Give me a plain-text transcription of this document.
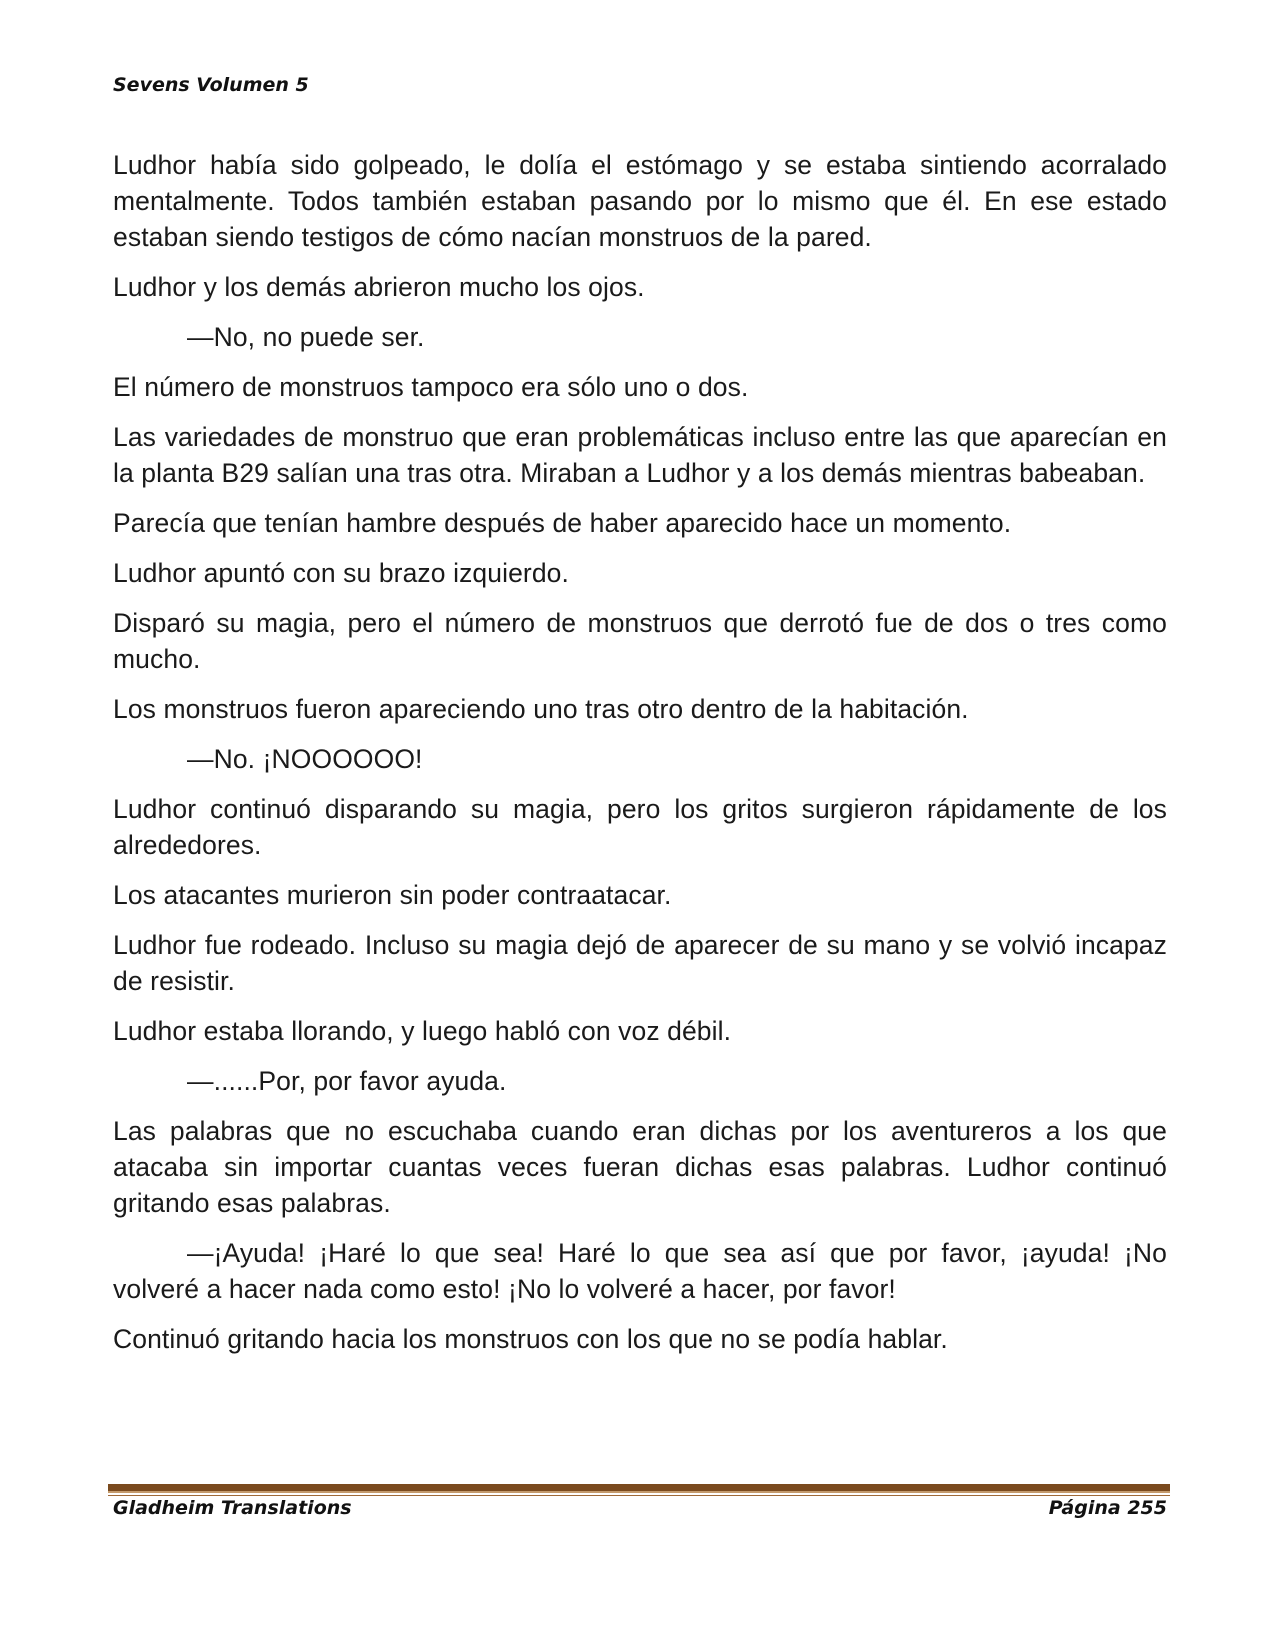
Sevens Volumen 5

Ludhor había sido golpeado, le dolía el estómago y se estaba sintiendo acorralado mentalmente. Todos también estaban pasando por lo mismo que él. En ese estado estaban siendo testigos de cómo nacían monstruos de la pared.

Ludhor y los demás abrieron mucho los ojos.

—No, no puede ser.

El número de monstruos tampoco era sólo uno o dos.

Las variedades de monstruo que eran problemáticas incluso entre las que aparecían en la planta B29 salían una tras otra. Miraban a Ludhor y a los demás mientras babeaban.

Parecía que tenían hambre después de haber aparecido hace un momento.

Ludhor apuntó con su brazo izquierdo.

Disparó su magia, pero el número de monstruos que derrotó fue de dos o tres como mucho.

Los monstruos fueron apareciendo uno tras otro dentro de la habitación.

—No. ¡NOOOOOO!

Ludhor continuó disparando su magia, pero los gritos surgieron rápidamente de los alrededores.

Los atacantes murieron sin poder contraatacar.

Ludhor fue rodeado. Incluso su magia dejó de aparecer de su mano y se volvió incapaz de resistir.

Ludhor estaba llorando, y luego habló con voz débil.

—......Por, por favor ayuda.

Las palabras que no escuchaba cuando eran dichas por los aventureros a los que atacaba sin importar cuantas veces fueran dichas esas palabras. Ludhor continuó gritando esas palabras.

—¡Ayuda! ¡Haré lo que sea! Haré lo que sea así que por favor, ¡ayuda! ¡No volveré a hacer nada como esto! ¡No lo volveré a hacer, por favor!

Continuó gritando hacia los monstruos con los que no se podía hablar.

Gladheim Translations	Página 255
